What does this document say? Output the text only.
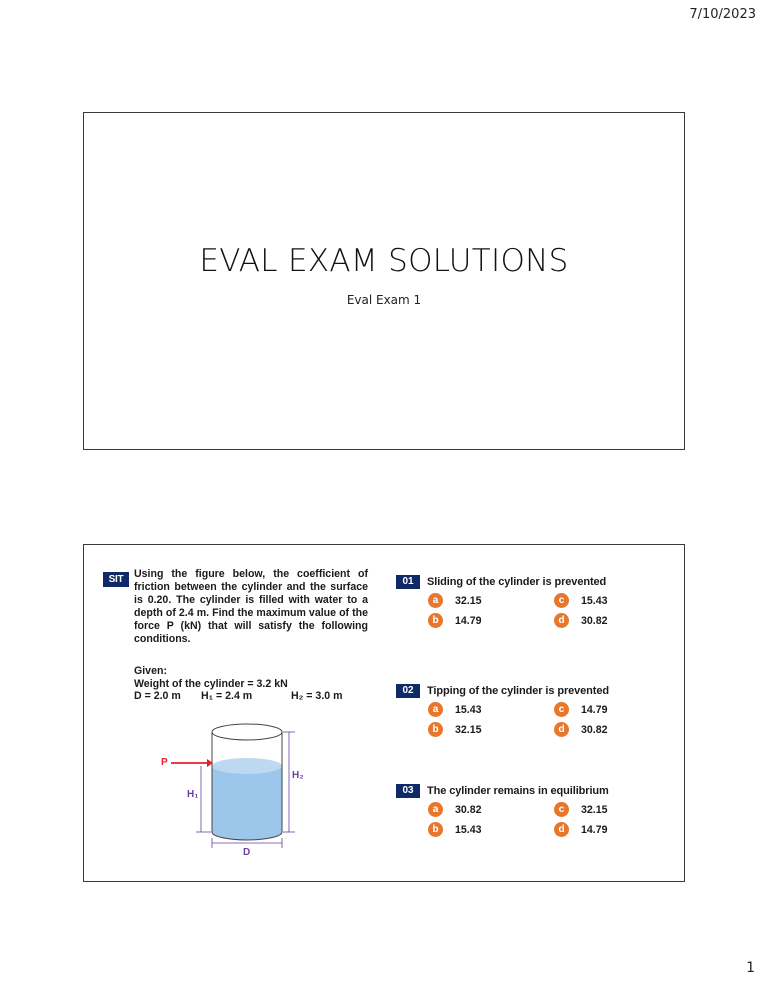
7/10/2023
EVAL EXAM SOLUTIONS
Eval Exam 1
SIT	Using the figure below, the coefficient of friction between the cylinder and the surface is 0.20. The cylinder is filled with water to a depth of 2.4 m. Find the maximum value of the force P (kN) that will satisfy the following conditions.
Given:
Weight of the cylinder = 3.2 kN
D = 2.0 m	H₁ = 2.4 m	H₂ = 3.0 m
P
H₁
H₂
D
01	Sliding of the cylinder is prevented
a	32.15
b	14.79
c	15.43
d	30.82
02	Tipping of the cylinder is prevented
a	15.43
b	32.15
c	14.79
d	30.82
03	The cylinder remains in equilibrium
a	30.82
b	15.43
c	32.15
d	14.79
1
